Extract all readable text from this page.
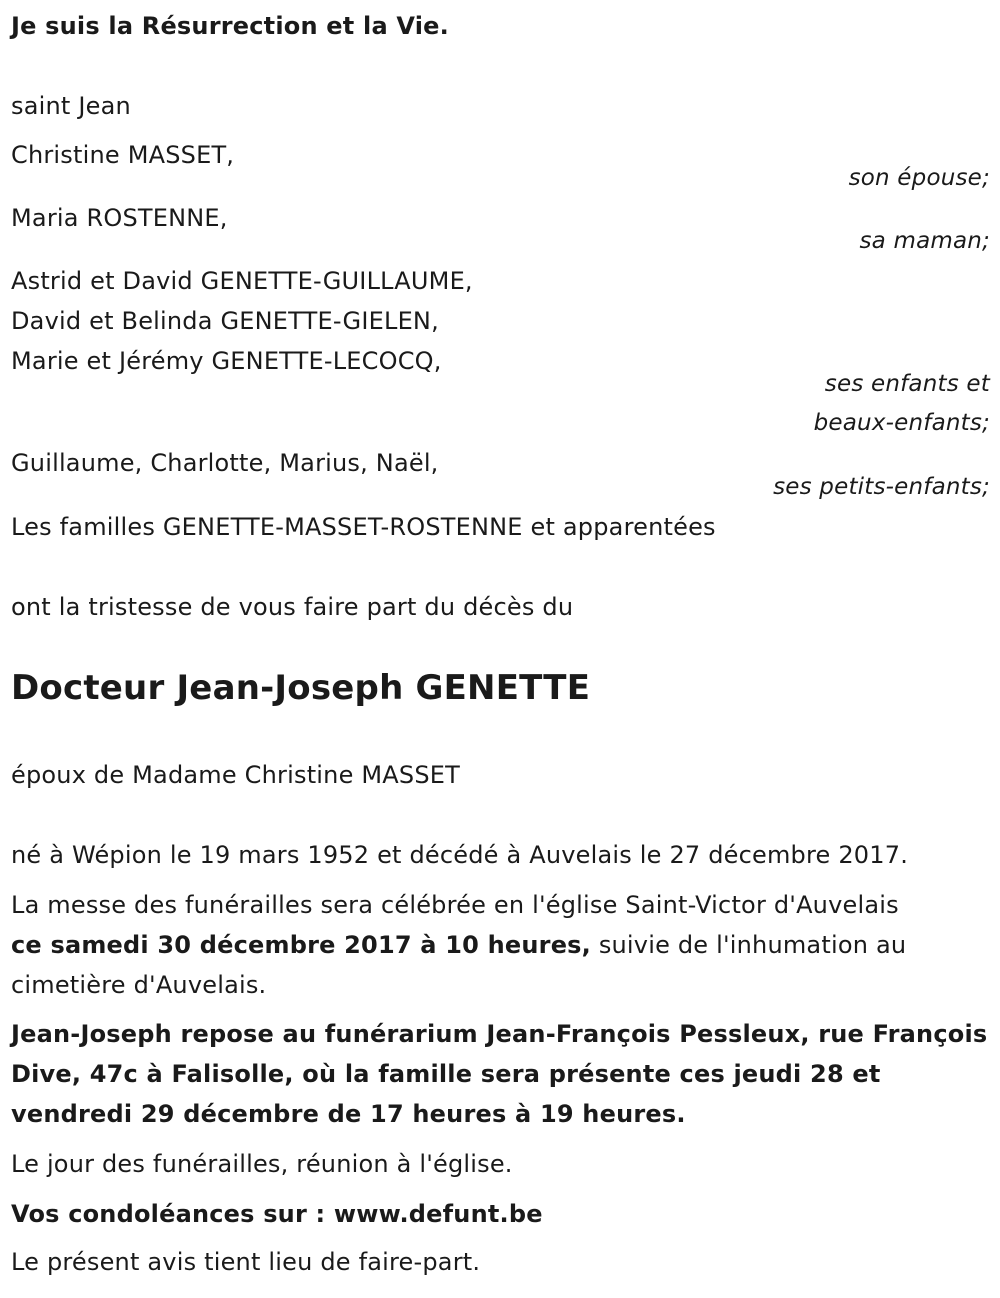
Je suis la Résurrection et la Vie.
saint Jean
Christine MASSET,
son épouse;
Maria ROSTENNE,
sa maman;
Astrid et David GENETTE-GUILLAUME,
David et Belinda GENETTE-GIELEN,
Marie et Jérémy GENETTE-LECOCQ,
ses enfants et
beaux-enfants;
Guillaume, Charlotte, Marius, Naël,
ses petits-enfants;
Les familles GENETTE-MASSET-ROSTENNE et apparentées
ont la tristesse de vous faire part du décès du
Docteur Jean-Joseph GENETTE
époux de Madame Christine MASSET
né à Wépion le 19 mars 1952 et décédé à Auvelais le 27 décembre 2017.
La messe des funérailles sera célébrée en l'église Saint-Victor d'Auvelais
ce samedi 30 décembre 2017 à 10 heures, suivie de l'inhumation au
cimetière d'Auvelais.
Jean-Joseph repose au funérarium Jean-François Pessleux, rue François
Dive, 47c à Falisolle, où la famille sera présente ces jeudi 28 et
vendredi 29 décembre de 17 heures à 19 heures.
Le jour des funérailles, réunion à l'église.
Vos condoléances sur : www.defunt.be
Le présent avis tient lieu de faire-part.
